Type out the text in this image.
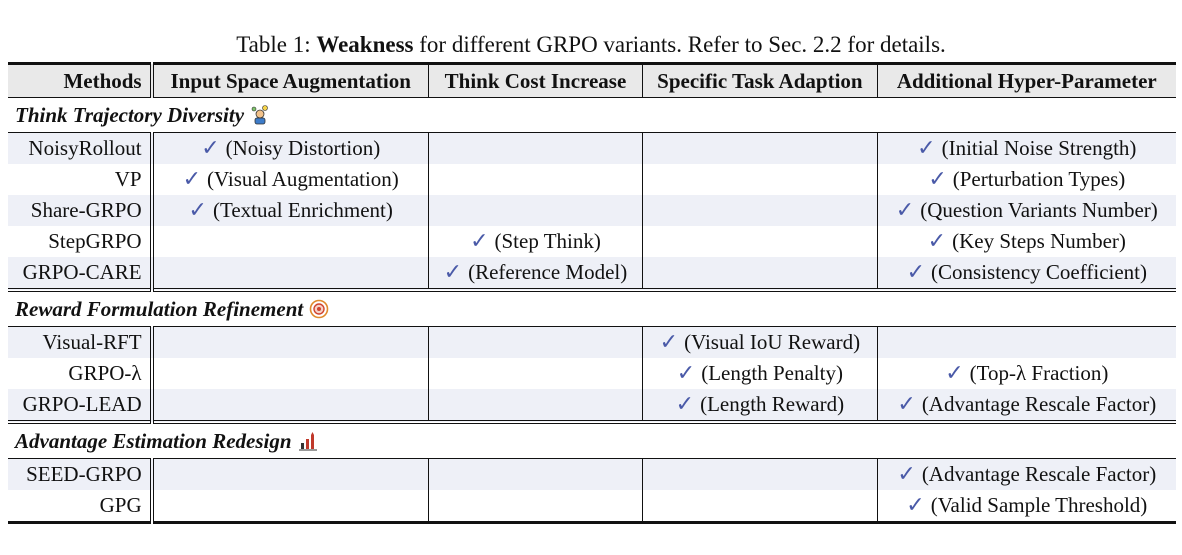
Table 1: Weakness for different GRPO variants. Refer to Sec. 2.2 for details.
Methods	Input Space Augmentation	Think Cost Increase	Specific Task Adaption	Additional Hyper-Parameter
Think Trajectory Diversity				
NoisyRollout	✓ (Noisy Distortion)			✓ (Initial Noise Strength)
VP	✓ (Visual Augmentation)			✓ (Perturbation Types)
Share-GRPO	✓ (Textual Enrichment)			✓ (Question Variants Number)
StepGRPO		✓ (Step Think)		✓ (Key Steps Number)
GRPO-CARE		✓ (Reference Model)		✓ (Consistency Coefficient)
Reward Formulation Refinement				
Visual-RFT			✓ (Visual IoU Reward)	
GRPO-λ			✓ (Length Penalty)	✓ (Top-λ Fraction)
GRPO-LEAD			✓ (Length Reward)	✓ (Advantage Rescale Factor)
Advantage Estimation Redesign				
SEED-GRPO				✓ (Advantage Rescale Factor)
GPG				✓ (Valid Sample Threshold)
